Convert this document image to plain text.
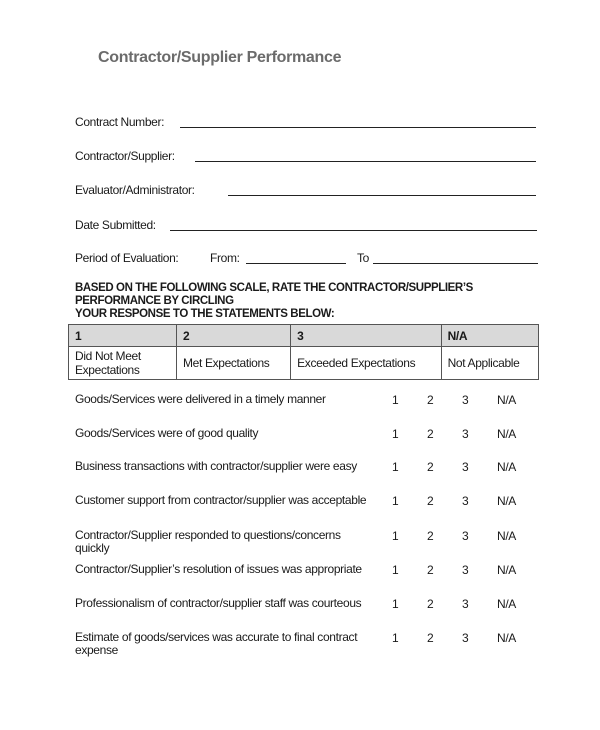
Contractor/Supplier Performance
Contract Number:
Contractor/Supplier:
Evaluator/Administrator:
Date Submitted:
Period of Evaluation:	From:	To
BASED ON THE FOLLOWING SCALE, RATE THE CONTRACTOR/SUPPLIER’S PERFORMANCE BY CIRCLING
YOUR RESPONSE TO THE STATEMENTS BELOW:
1	2	3	N/A
Did Not Meet Expectations	Met Expectations	Exceeded Expectations	Not Applicable
Goods/Services were delivered in a timely manner	1 2 3 N/A
Goods/Services were of good quality	1 2 3 N/A
Business transactions with contractor/supplier were easy	1 2 3 N/A
Customer support from contractor/supplier was acceptable	1 2 3 N/A
Contractor/Supplier responded to questions/concerns quickly
1 2 3 N/A
Contractor/Supplier’s resolution of issues was appropriate	1 2 3 N/A
Professionalism of contractor/supplier staff was courteous	1 2 3 N/A
Estimate of goods/services was accurate to final contract expense
1 2 3 N/A
